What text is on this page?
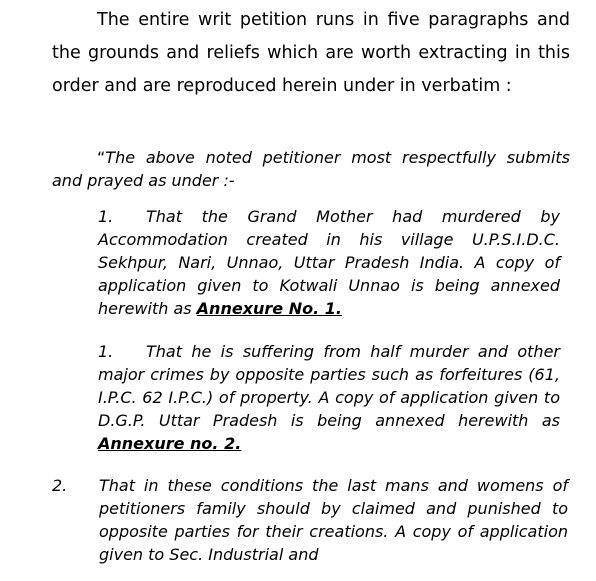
The entire writ petition runs in five paragraphs and the grounds and reliefs which are worth extracting in this order and are reproduced herein under in verbatim :

“The above noted petitioner most respectfully submits and prayed as under :-

1. That the Grand Mother had murdered by Accommodation created in his village U.P.S.I.D.C. Sekhpur, Nari, Unnao, Uttar Pradesh India. A copy of application given to Kotwali Unnao is being annexed herewith as Annexure No. 1.

1. That he is suffering from half murder and other major crimes by opposite parties such as forfeitures (61, I.P.C. 62 I.P.C.) of property. A copy of application given to D.G.P. Uttar Pradesh is being annexed herewith as Annexure no. 2.

2.	That in these conditions the last mans and womens of petitioners family should by claimed and punished to opposite parties for their creations. A copy of application given to Sec. Industrial and
